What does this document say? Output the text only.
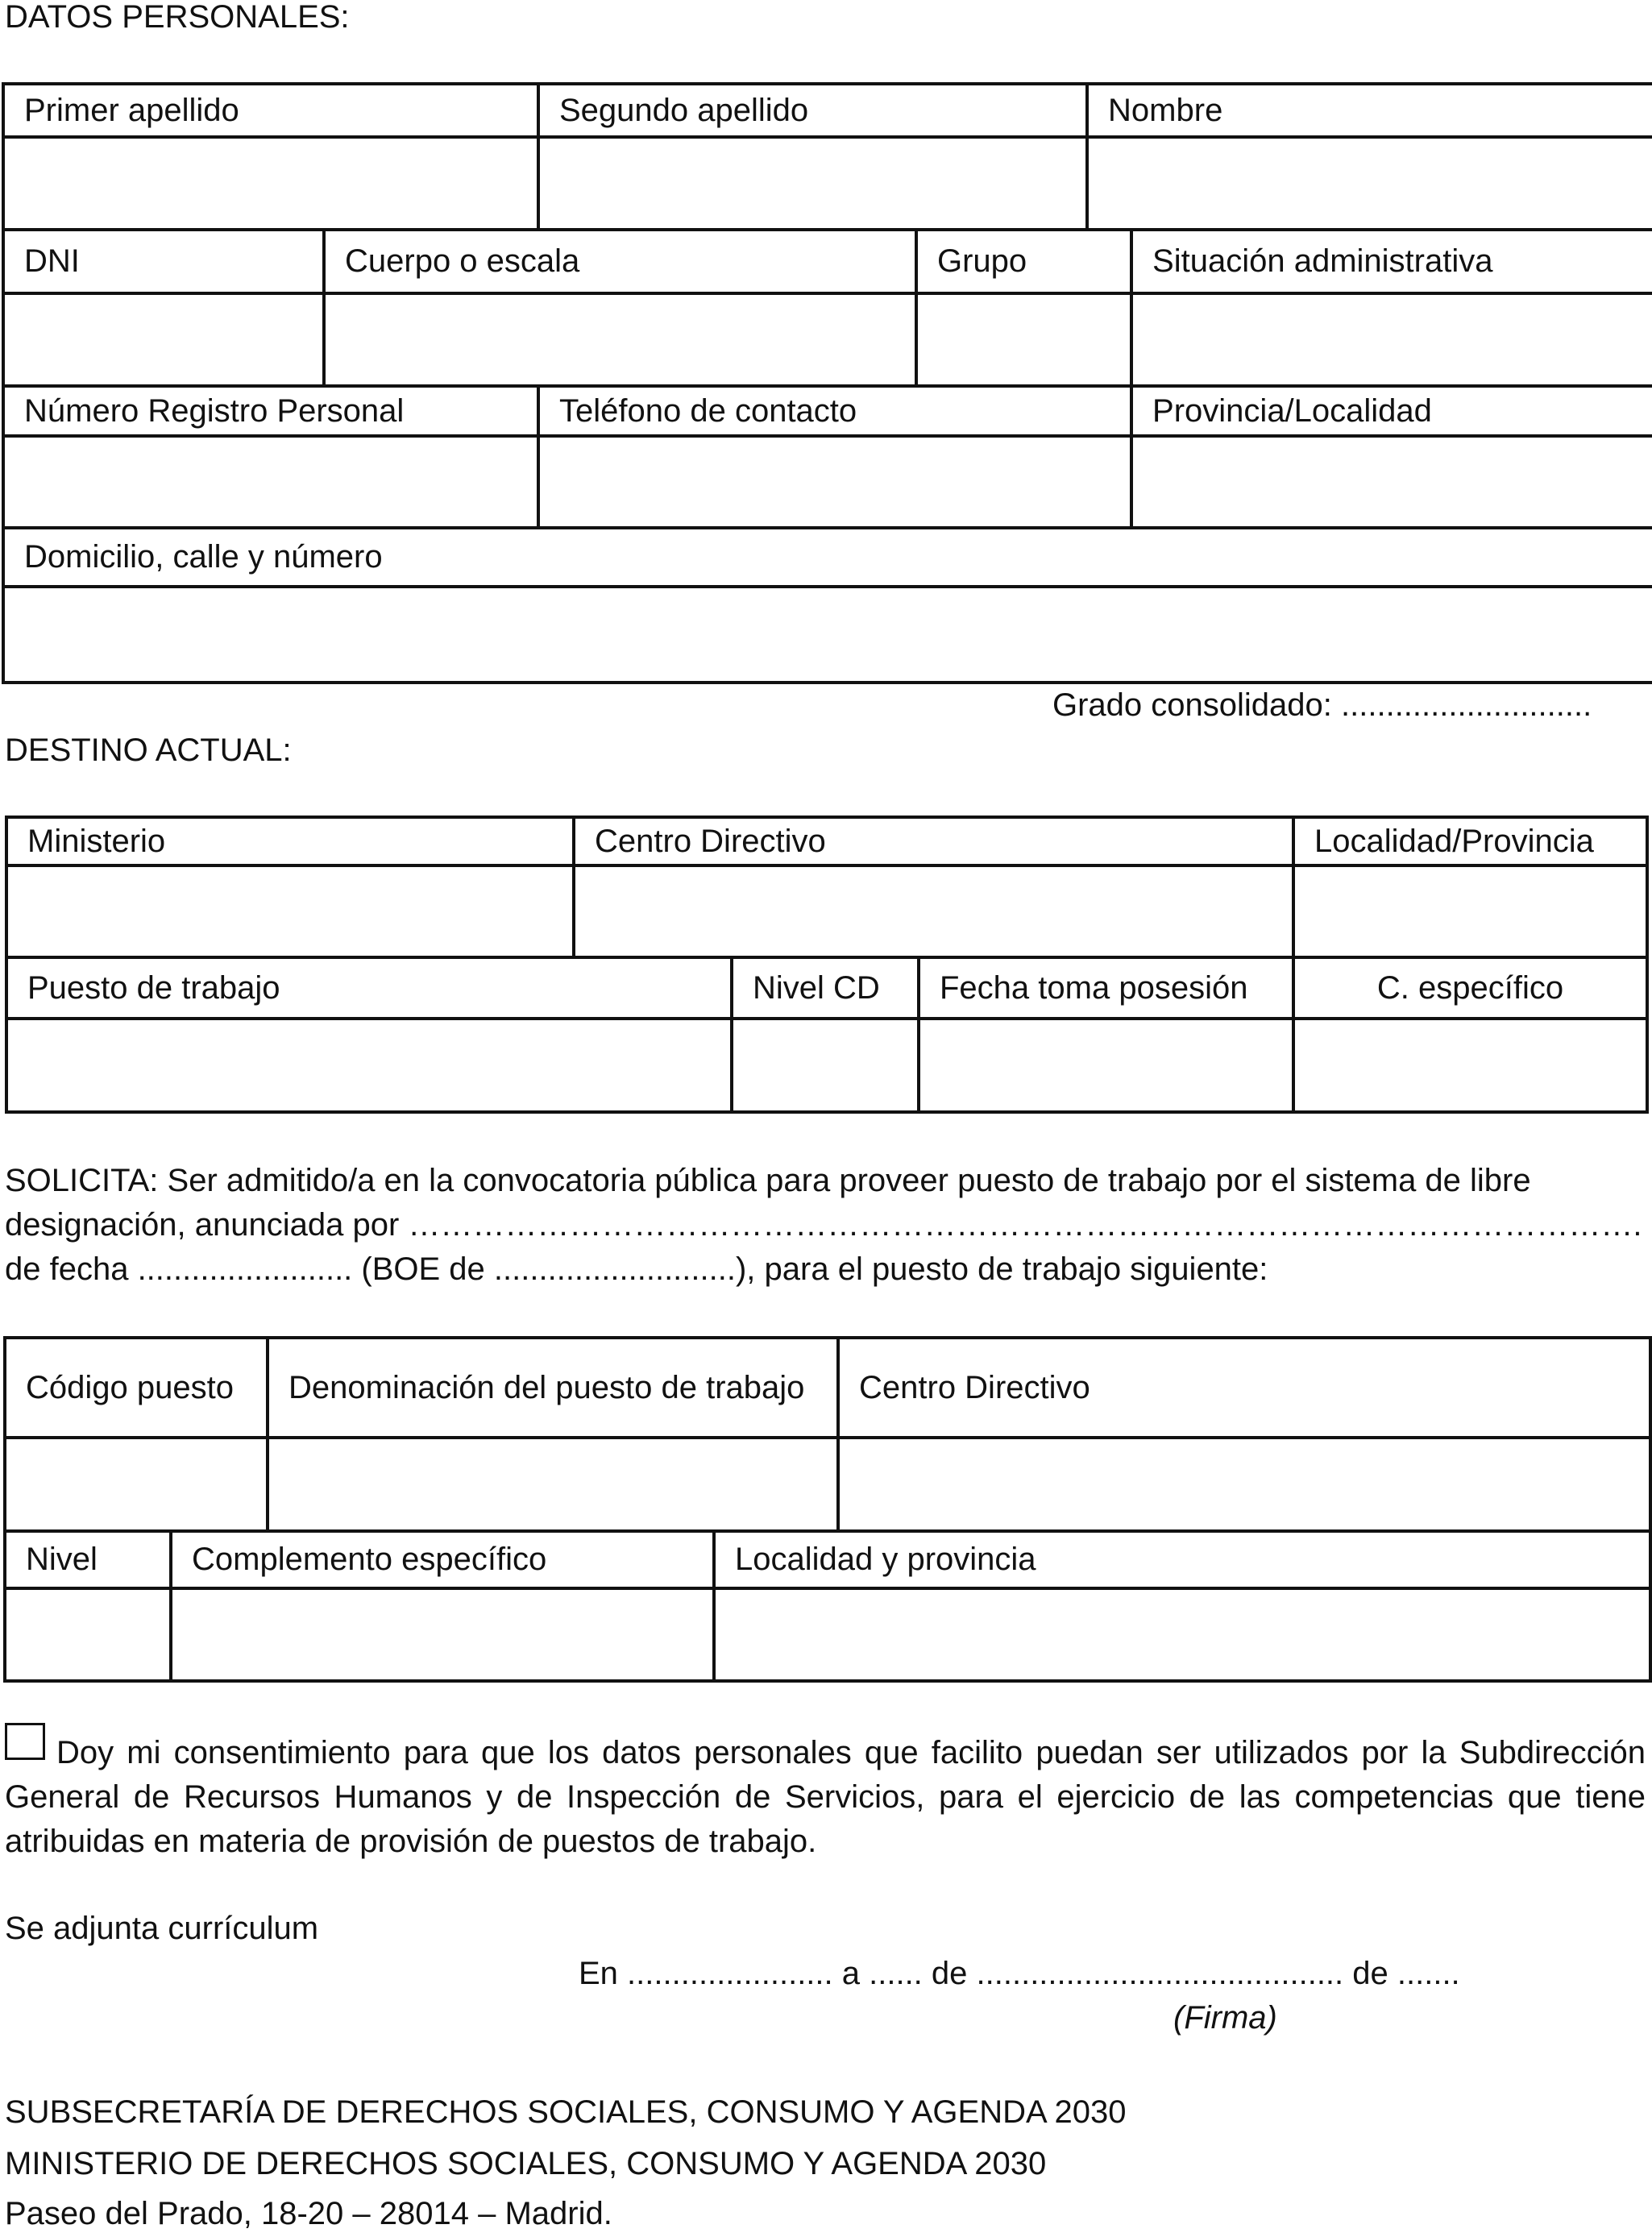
DATOS PERSONALES:

Primer apellido		Segundo apellido		Nombre	

DNI	Cuerpo o escala		Grupo		Situación administrativa

Número Registro Personal		Teléfono de contacto			Provincia/Localidad

Domicilio, calle y número					

Grado consolidado: ............................

DESTINO ACTUAL:

Ministerio	Centro Directivo			Localidad/Provincia

Puesto de trabajo		Nivel CD	Fecha toma posesión	C. específico

SOLICITA: Ser admitido/a en la convocatoria pública para proveer puesto de trabajo por el sistema de libre

designación, anunciada por …………………………………………………………………………………………………….

de fecha ........................ (BOE de ...........................), para el puesto de trabajo siguiente:

Código puesto		Denominación del puesto de trabajo		Centro Directivo

Nivel	Complemento específico		Localidad y provincia	

Doy mi consentimiento para que los datos personales que facilito puedan ser utilizados por la Subdirección General de Recursos Humanos y de Inspección de Servicios, para el ejercicio de las competencias que tiene atribuidas en materia de provisión de puestos de trabajo.

Se adjunta currículum

En ....................... a ...... de ......................................... de .......

(Firma)

SUBSECRETARÍA DE DERECHOS SOCIALES, CONSUMO Y AGENDA 2030

MINISTERIO DE DERECHOS SOCIALES, CONSUMO Y AGENDA 2030

Paseo del Prado, 18-20 – 28014 – Madrid.
